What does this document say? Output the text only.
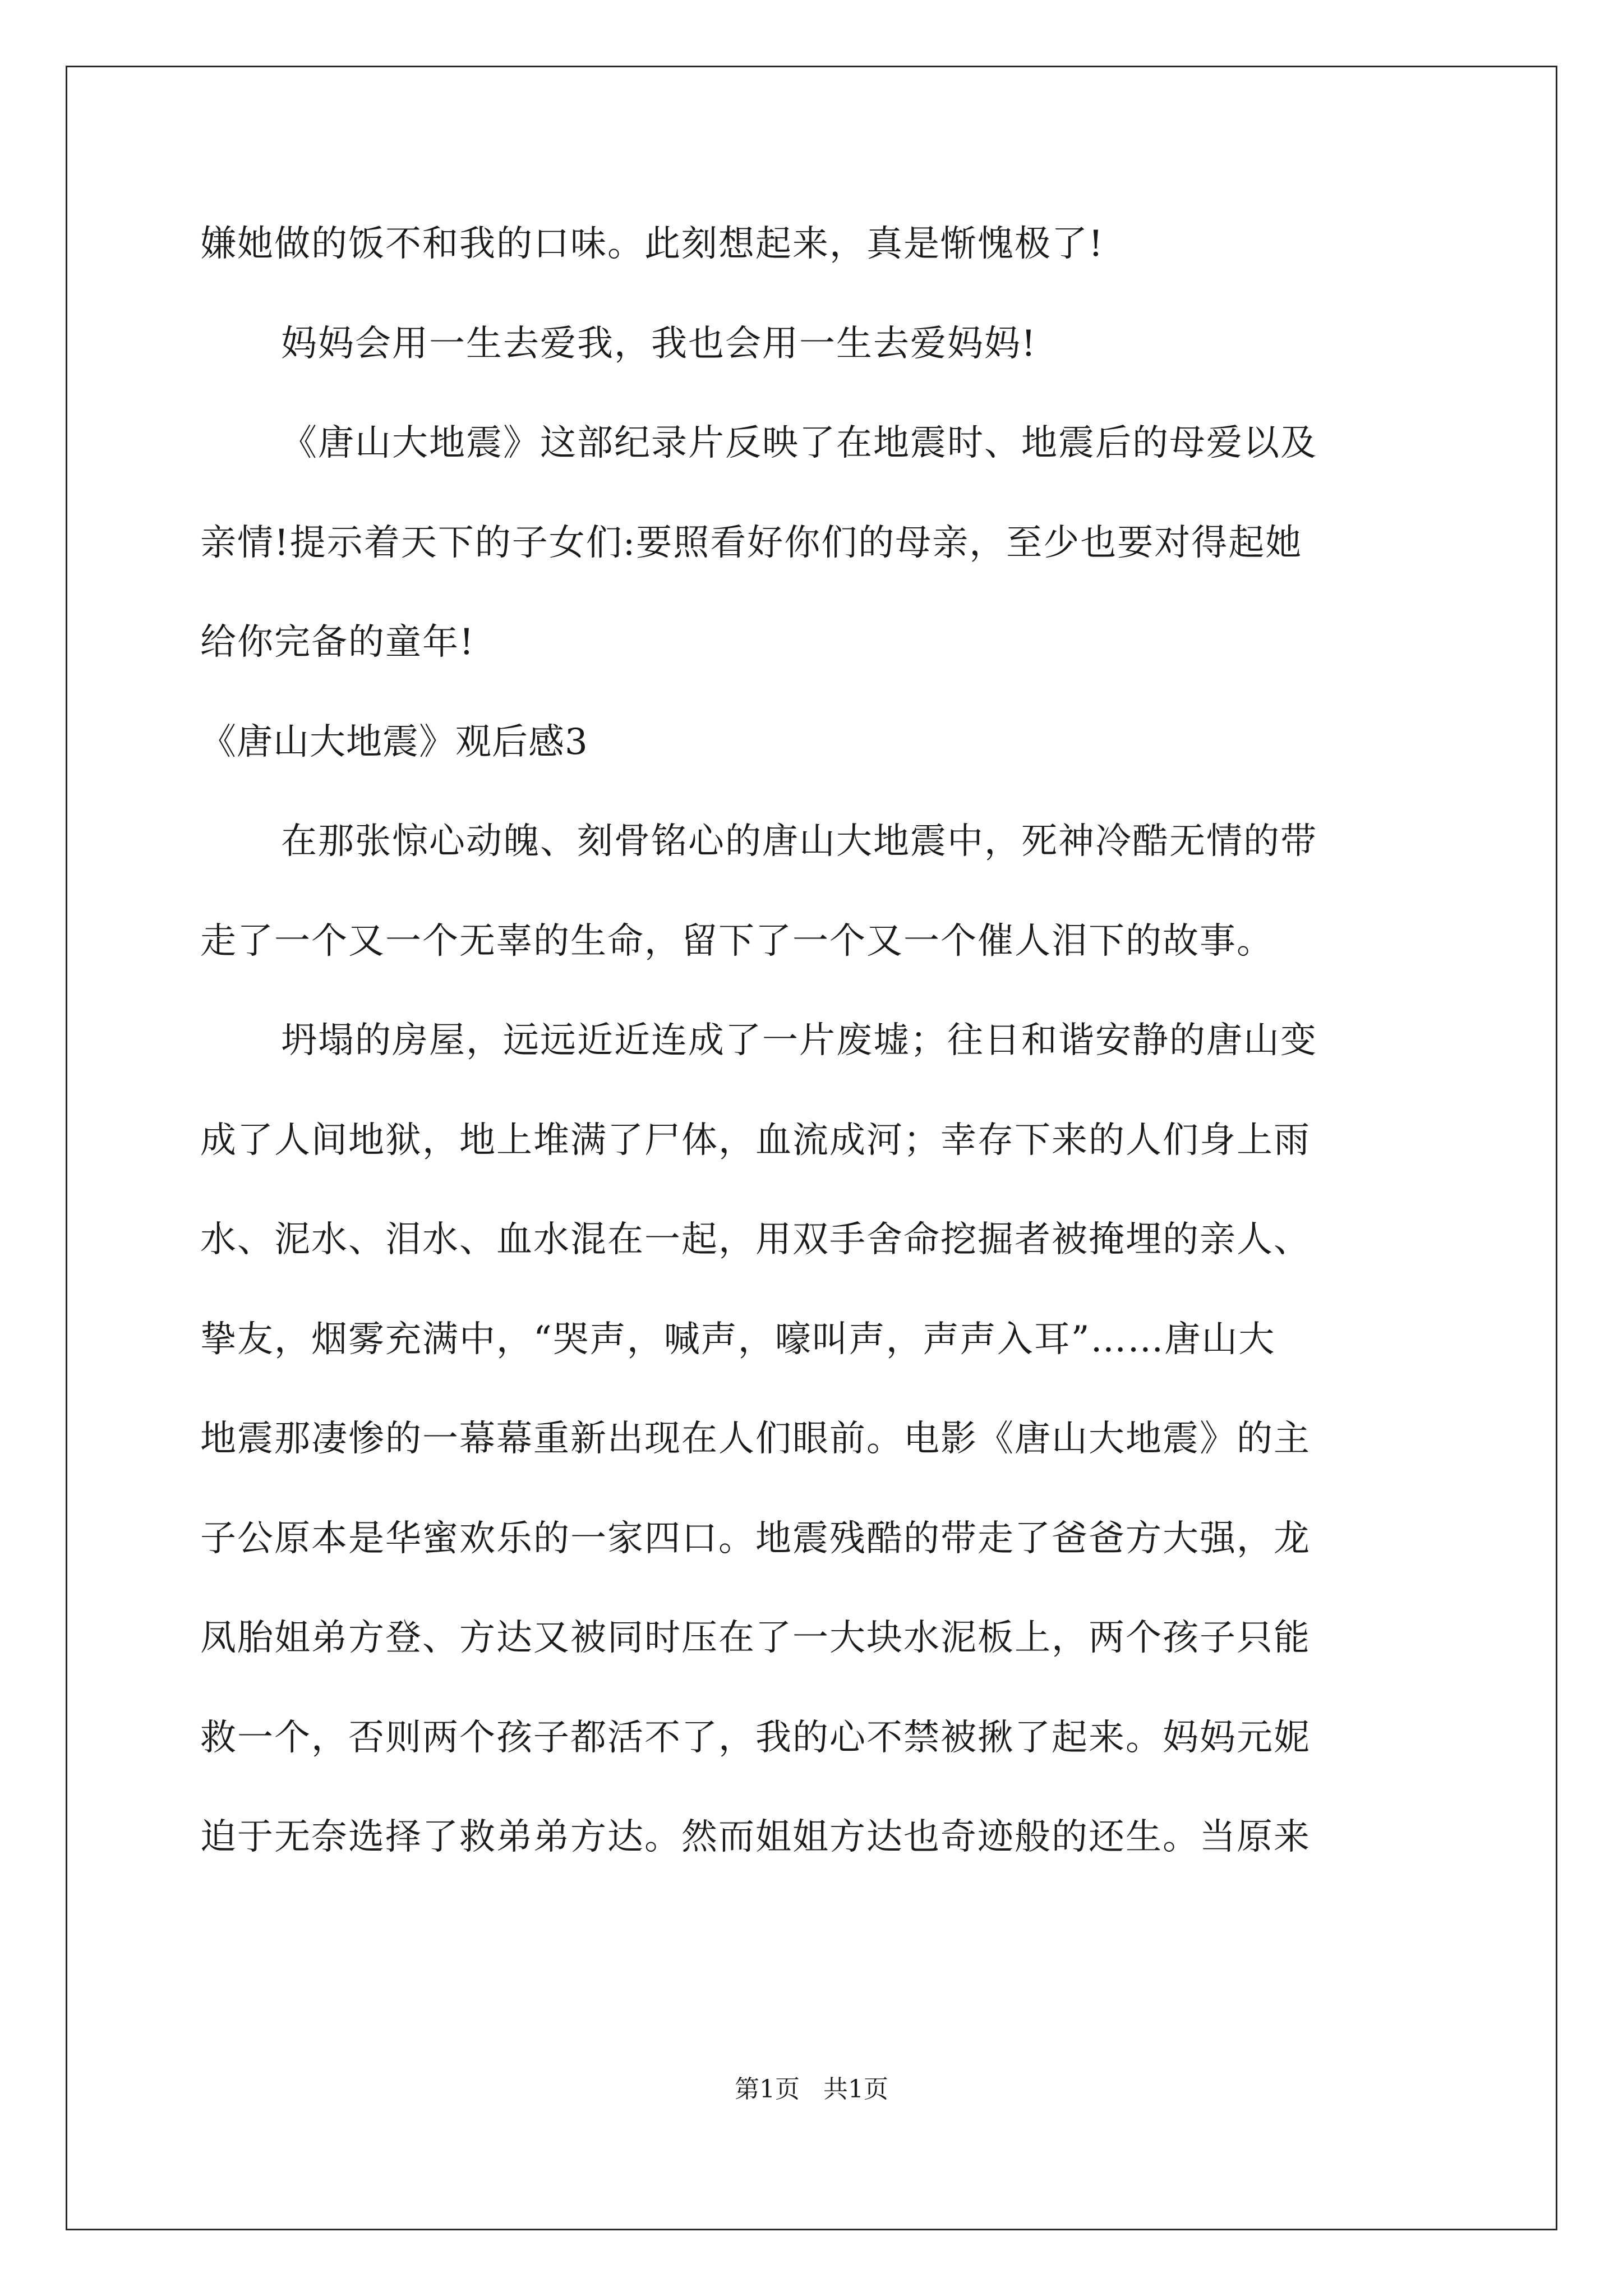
嫌她做的饭不和我的口味。此刻想起来，真是惭愧极了!
妈妈会用一生去爱我，我也会用一生去爱妈妈!
《唐山大地震》这部纪录片反映了在地震时、地震后的母爱以及
亲情!提示着天下的子女们:要照看好你们的母亲，至少也要对得起她
给你完备的童年!
《唐山大地震》观后感3
在那张惊心动魄、刻骨铭心的唐山大地震中，死神冷酷无情的带
走了一个又一个无辜的生命，留下了一个又一个催人泪下的故事。
坍塌的房屋，远远近近连成了一片废墟；往日和谐安静的唐山变
成了人间地狱，地上堆满了尸体，血流成河；幸存下来的人们身上雨
水、泥水、泪水、血水混在一起，用双手舍命挖掘者被掩埋的亲人、
挚友，烟雾充满中，“哭声，喊声，嚎叫声，声声入耳”……唐山大
地震那凄惨的一幕幕重新出现在人们眼前。电影《唐山大地震》的主
子公原本是华蜜欢乐的一家四口。地震残酷的带走了爸爸方大强，龙
凤胎姐弟方登、方达又被同时压在了一大块水泥板上，两个孩子只能
救一个，否则两个孩子都活不了，我的心不禁被揪了起来。妈妈元妮
迫于无奈选择了救弟弟方达。然而姐姐方达也奇迹般的还生。当原来
第1页   共1页
